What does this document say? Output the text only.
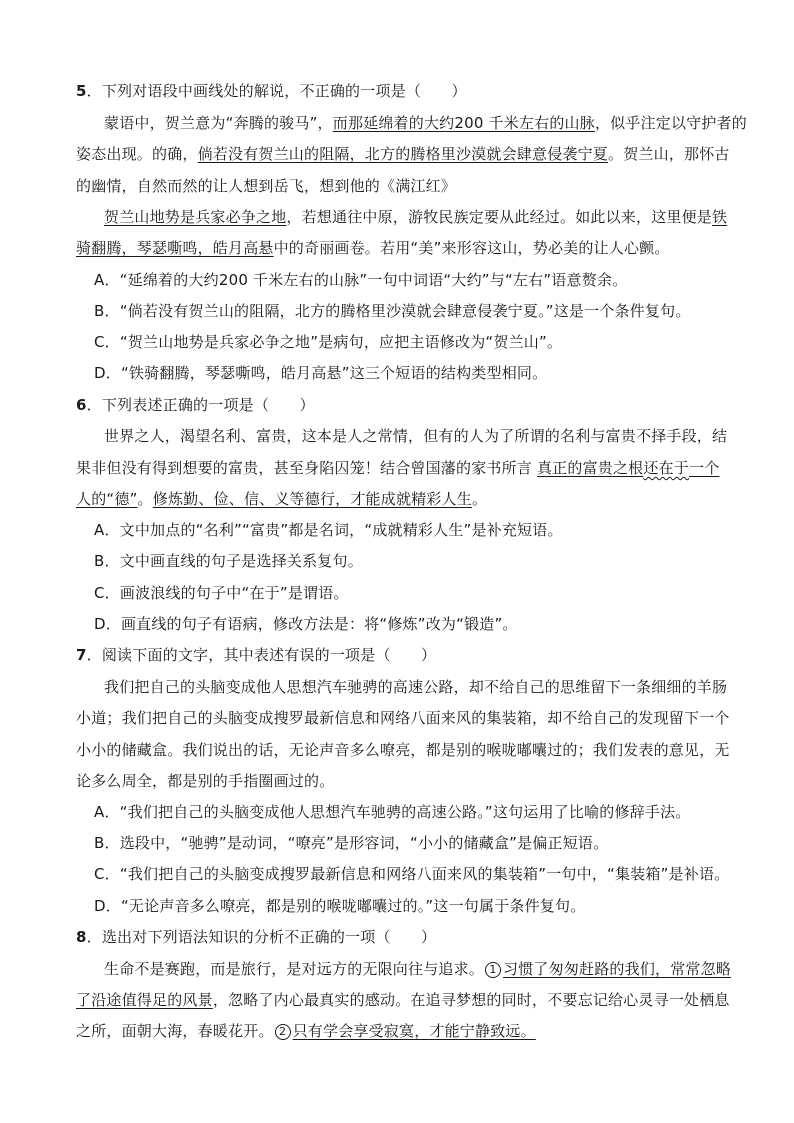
5．下列对语段中画线处的解说，不正确的一项是（　　）
蒙语中，贺兰意为“奔腾的骏马”，而那延绵着的大约200 千米左右的山脉，似乎注定以守护者的
姿态出现。的确，倘若没有贺兰山的阻隔，北方的腾格里沙漠就会肆意侵袭宁夏。贺兰山，那怀古
的幽情，自然而然的让人想到岳飞，想到他的《满江红》
贺兰山地势是兵家必争之地，若想通往中原，游牧民族定要从此经过。如此以来，这里便是铁
骑翻腾，琴瑟嘶鸣，皓月高悬中的奇丽画卷。若用“美”来形容这山，势必美的让人心颤。
A．“延绵着的大约200 千米左右的山脉”一句中词语“大约”与“左右”语意赘余。
B．“倘若没有贺兰山的阻隔，北方的腾格里沙漠就会肆意侵袭宁夏。”这是一个条件复句。
C．“贺兰山地势是兵家必争之地”是病句，应把主语修改为“贺兰山”。
D．“铁骑翻腾，琴瑟嘶鸣，皓月高悬”这三个短语的结构类型相同。
6．下列表述正确的一项是（　　）
世界之人，渴望名利、富贵，这本是人之常情，但有的人为了所谓的名利与富贵不择手段，结
果非但没有得到想要的富贵，甚至身陷囚笼！结合曾国藩的家书所言 真正的富贵之根还在于一个
人的“德”。修炼勤、俭、信、义等德行，才能成就精彩人生。
A．文中加点的“名利”“富贵”都是名词，“成就精彩人生”是补充短语。
B．文中画直线的句子是选择关系复句。
C．画波浪线的句子中“在于”是谓语。
D．画直线的句子有语病，修改方法是：将“修炼”改为“锻造”。
7．阅读下面的文字，其中表述有误的一项是（　　）
我们把自己的头脑变成他人思想汽车驰骋的高速公路，却不给自己的思维留下一条细细的羊肠
小道；我们把自己的头脑变成搜罗最新信息和网络八面来风的集装箱，却不给自己的发现留下一个
小小的储藏盒。我们说出的话，无论声音多么嘹亮，都是别的喉咙嘟囔过的；我们发表的意见，无
论多么周全，都是别的手指圈画过的。
A．“我们把自己的头脑变成他人思想汽车驰骋的高速公路。”这句运用了比喻的修辞手法。
B．选段中，“驰骋”是动词，“嘹亮”是形容词，“小小的储藏盒”是偏正短语。
C．“我们把自己的头脑变成搜罗最新信息和网络八面来风的集装箱”一句中，“集装箱”是补语。
D．“无论声音多么嘹亮，都是别的喉咙嘟囔过的。”这一句属于条件复句。
8．选出对下列语法知识的分析不正确的一项（　　）
生命不是赛跑，而是旅行，是对远方的无限向往与追求。 1 习惯了匆匆赶路的我们，常常忽略
了沿途值得足的风景，忽略了内心最真实的感动。在追寻梦想的同时，不要忘记给心灵寻一处栖息
之所，面朝大海，春暖花开。 2 只有学会享受寂寞，才能宁静致远。
